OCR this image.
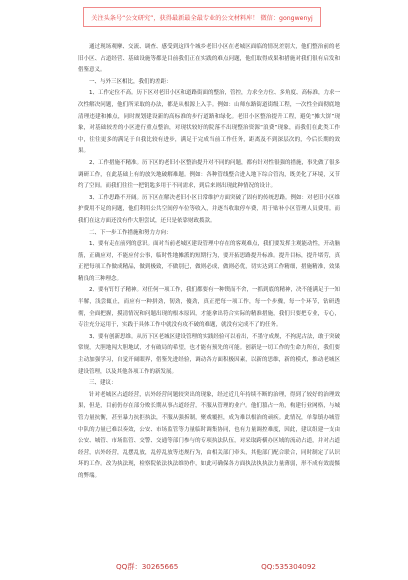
关注头条号“公文研究”，获得最新最全最专业的公文材料库！ 微信：gongwenyj

通过现场观摩、交流、调查、感受到这四个城乡老旧小区在老城区面临的情况差别大，他们整治前的老旧小区、占道经营、基础设施等都是目前我们正在实践的难点问题，他们取得成果和措施对我们很有启发和借鉴意义。

一、与外三区相比，我们的差距：

1、工作定位不高。历下区对老旧小区和道路街面的整治，管控，力求全方位、多角度、高标准，力求一次性解决问题，他们所采取的办法，都是从根源上入手。例如：山师东路街道街级工程，一次性全面彻底地清理违建和摊点，同时规划建设新的高标准的步行道路和绿化。老旧小区整治提升工程，避免“摊大饼”现象，对基础较差的小区进行重点整治，对现状较好的院落不出现整治资源“浪费”现象，而我们在此类工作中，往往更多的满足于自我比较有进步，满足于完成当前工作任务，距离及不到深层次的，今后长期的效果。

2、工作措施不精准。历下区的老旧小区整治提升对不同的问题，都有针对性很强的措施，事先做了很多调研工作，在此基础上有的放矢地破解难题。例如：各种管线整合进入地下综合管沟，既美化了环境，又节约了空间。而我们往往一把钥匙多用于不同需求，到后来则出现此种情况的设计。

3、工作思路不开阔。历下区在解决老旧小区日常维护方面突破了固有的传统思路。例如：对老旧小区维护费用不足的问题，他们利用公共空间停车位等收入，并逐当收取停车费，用于贴补小区管理人员费用。而我们在这方面还没有作大胆尝试，还只是依靠财政拨款。

二、下一步工作措施和努力方向：

1、要有走在前列的意识。面对当前老城区建设管理中存在的客观难点，我们要发挥主观能动性，开动脑筋，正确应对，不能应付公事，临时性地摊派的短期行为，要开拓思路提升标准。提升目标，提升堵劳，真正把每项工作做成精品，做到极致，不做别已，做则必成，做则必优，切实达到工作精细，措施精准，效果精良的三种理念。

2、要有钉钉子精神。对任何一项工作，我们都要有一种锲而不舍，一抓到底的精神，决不能满足于一知半解，浅尝辄止，而应有一种拼劲，韧劲，傻劲，真正把每一项工作，每一个步骤，每一个环节，钻研透彻，全面把握，摸清情况和问题出现的根本原因，才能拿出符合实际的精准措施，我们只要把专业，专心，专注充分运用于，实践于具体工作中就没有攻不破的难题，就没有完成不了的任务。

3、要有创新思维。从历下区老城区建设管理的实践经验可以看出，不墨守成规，不拘泥古法，敢于突破常规，大胆地闯大胆地试，才有破局的希望，也才能有预先的可能。创新是一切工作的生命力所在，我们要主动加强学习，自觉开阔眼界，借鉴先进经验，调动各方面积极因素，以新的思维，新的模式，推动老城区建设管理，以及其他各项工作的新发展。

三、建议：

针对老城区占道经营，店外经营问题较突出的现象，经过近几年持续不断的治理，得到了较好的治理效果，但是，目前仍存在部分败长期从事占道经营，不服从管理的业户。他们篡占一角，构建行业网格，与城管力量抗衡，甚至暴力抗拒执法，不服从强拆制，聚戏覆担，成为难以根治的顽疾。此情况，单靠镇办城管中队的力量已难以奏效，公安、市场监管等力量临时调集协同，也有力量调控难度，因此，建议组建一支由公安、城管、市场监管、交警、交通等部门参与的专项执法队伍，对采取跨横办区域的流动占道，并对占道经营，店外经营，乱摆乱放，乱停乱放等违规行为，由相关部门牵头，其他部门配合联合，同时制定了认识坏的工作。改为执法现，检察院依法执法维协作，如此可确保各方面执法执执法力量薄弱，形不成有效震慑的弊端。

QQ群：30265665	QQ:535304092
